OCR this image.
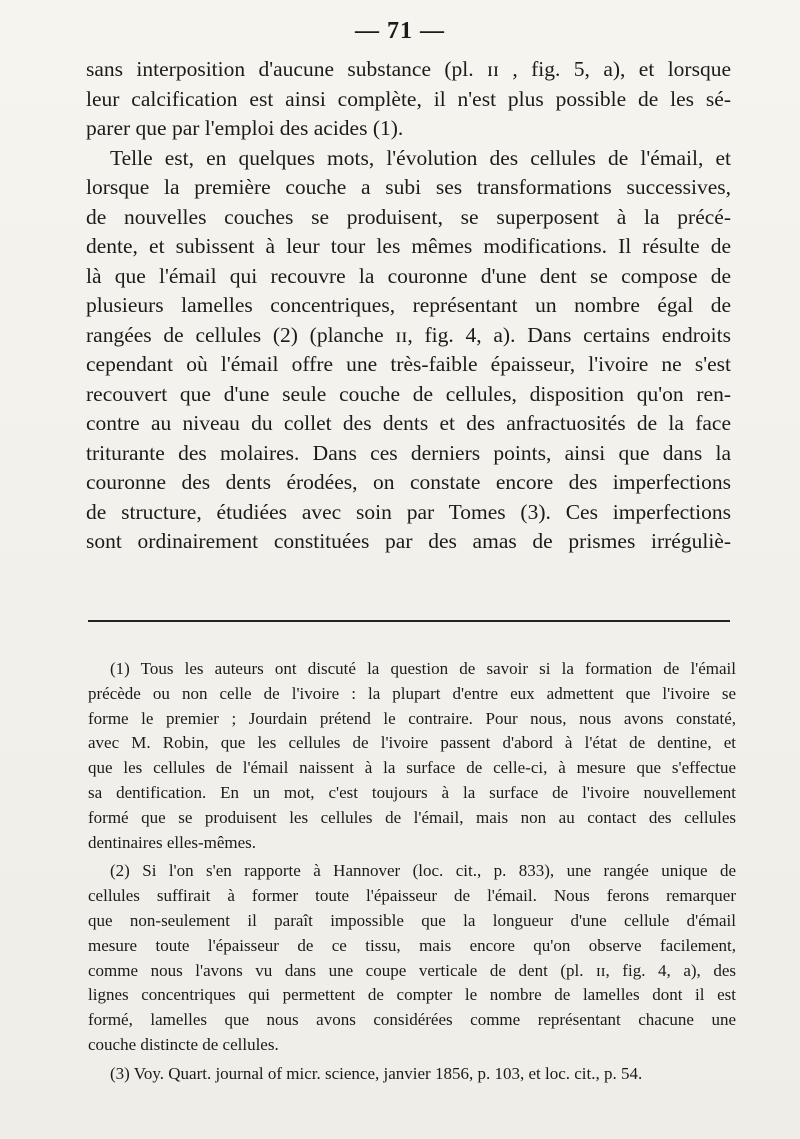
— 71 —
sans interposition d'aucune substance (pl. ɪɪ , fig. 5, a), et lorsque
leur calcification est ainsi complète, il n'est plus possible de les sé-
parer que par l'emploi des acides (1).
Telle est, en quelques mots, l'évolution des cellules de l'émail, et
lorsque la première couche a subi ses transformations successives,
de nouvelles couches se produisent, se superposent à la précé-
dente, et subissent à leur tour les mêmes modifications. Il résulte de
là que l'émail qui recouvre la couronne d'une dent se compose de
plusieurs lamelles concentriques, représentant un nombre égal de
rangées de cellules (2) (planche ɪɪ, fig. 4, a). Dans certains endroits
cependant où l'émail offre une très-faible épaisseur, l'ivoire ne s'est
recouvert que d'une seule couche de cellules, disposition qu'on ren-
contre au niveau du collet des dents et des anfractuosités de la face
triturante des molaires. Dans ces derniers points, ainsi que dans la
couronne des dents érodées, on constate encore des imperfections
de structure, étudiées avec soin par Tomes (3). Ces imperfections
sont ordinairement constituées par des amas de prismes irréguliè-
(1) Tous les auteurs ont discuté la question de savoir si la formation de l'émail
précède ou non celle de l'ivoire : la plupart d'entre eux admettent que l'ivoire se
forme le premier ; Jourdain prétend le contraire. Pour nous, nous avons constaté,
avec M. Robin, que les cellules de l'ivoire passent d'abord à l'état de dentine, et
que les cellules de l'émail naissent à la surface de celle-ci, à mesure que s'effectue
sa dentification. En un mot, c'est toujours à la surface de l'ivoire nouvellement
formé que se produisent les cellules de l'émail, mais non au contact des cellules
dentinaires elles-mêmes.
(2) Si l'on s'en rapporte à Hannover (loc. cit., p. 833), une rangée unique de
cellules suffirait à former toute l'épaisseur de l'émail. Nous ferons remarquer
que non-seulement il paraît impossible que la longueur d'une cellule d'émail
mesure toute l'épaisseur de ce tissu, mais encore qu'on observe facilement,
comme nous l'avons vu dans une coupe verticale de dent (pl. ɪɪ, fig. 4, a), des
lignes concentriques qui permettent de compter le nombre de lamelles dont il est
formé, lamelles que nous avons considérées comme représentant chacune une
couche distincte de cellules.
(3) Voy. Quart. journal of micr. science, janvier 1856, p. 103, et loc. cit., p. 54.
